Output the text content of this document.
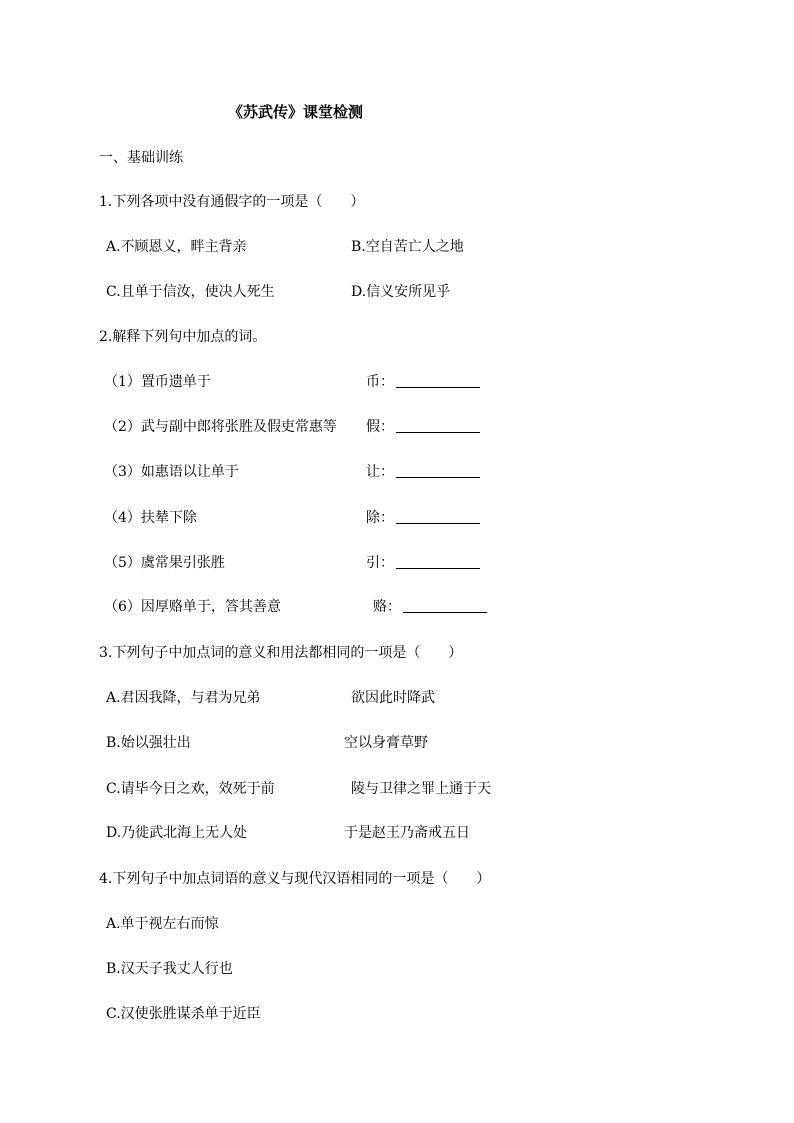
《苏武传》课堂检测
一、基础训练
1.下列各项中没有通假字的一项是（　　）
A.不顾恩义，畔主背亲	B.空自苦亡人之地
C.且单于信汝，使决人死生	D.信义安所见乎
2.解释下列句中加点的词。
（1）置币遗单于	币：
（2）武与副中郎将张胜及假吏常惠等 假：
（3）如惠语以让单于	让：
（4）扶辇下除	除：
（5）虞常果引张胜	引：
（6）因厚赂单于，答其善意	赂：
3.下列句子中加点词的意义和用法都相同的一项是（　　）
A.君因我降，与君为兄弟	欲因此时降武
B.始以强壮出	空以身膏草野
C.请毕今日之欢，效死于前	陵与卫律之罪上通于天
D.乃徙武北海上无人处	于是赵王乃斋戒五日
4.下列句子中加点词语的意义与现代汉语相同的一项是（　　）
A.单于视左右而惊
B.汉天子我丈人行也
C.汉使张胜谋杀单于近臣
